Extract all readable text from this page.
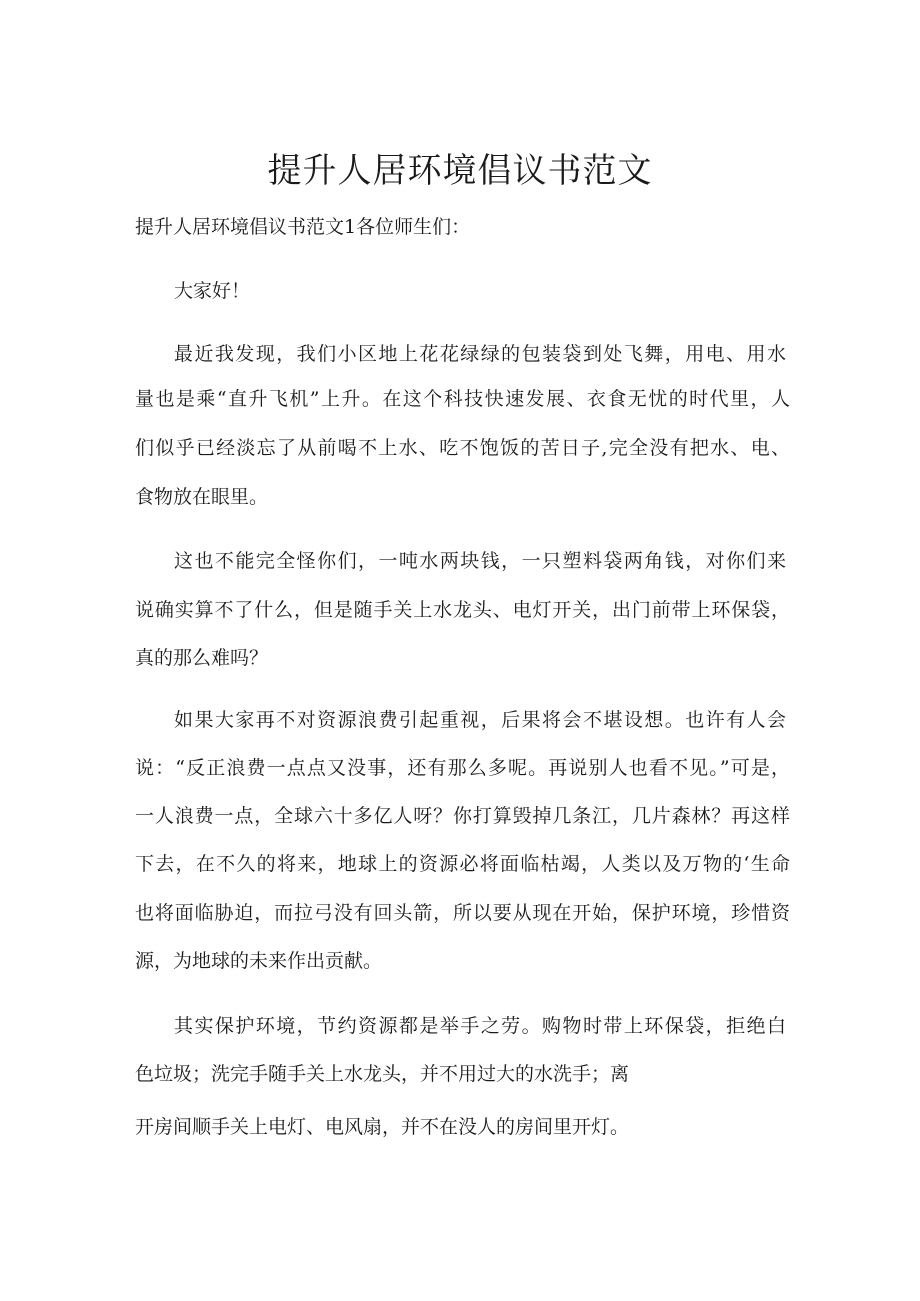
提升人居环境倡议书范文
提升人居环境倡议书范文1各位师生们：
大家好！
最近我发现，我们小区地上花花绿绿的包装袋到处飞舞，用电、用水
量也是乘“直升飞机”上升。在这个科技快速发展、衣食无忧的时代里，人
们似乎已经淡忘了从前喝不上水、吃不饱饭的苦日子,完全没有把水、电、
食物放在眼里。
这也不能完全怪你们，一吨水两块钱，一只塑料袋两角钱，对你们来
说确实算不了什么，但是随手关上水龙头、电灯开关，出门前带上环保袋，
真的那么难吗？
如果大家再不对资源浪费引起重视，后果将会不堪设想。也许有人会
说：“反正浪费一点点又没事，还有那么多呢。再说别人也看不见。”可是，
一人浪费一点，全球六十多亿人呀？你打算毁掉几条江，几片森林？再这样
下去，在不久的将来，地球上的资源必将面临枯竭，人类以及万物的‘生命
也将面临胁迫，而拉弓没有回头箭，所以要从现在开始，保护环境，珍惜资
源，为地球的未来作出贡献。
其实保护环境，节约资源都是举手之劳。购物时带上环保袋，拒绝白
色垃圾；洗完手随手关上水龙头，并不用过大的水洗手；离
开房间顺手关上电灯、电风扇，并不在没人的房间里开灯。
